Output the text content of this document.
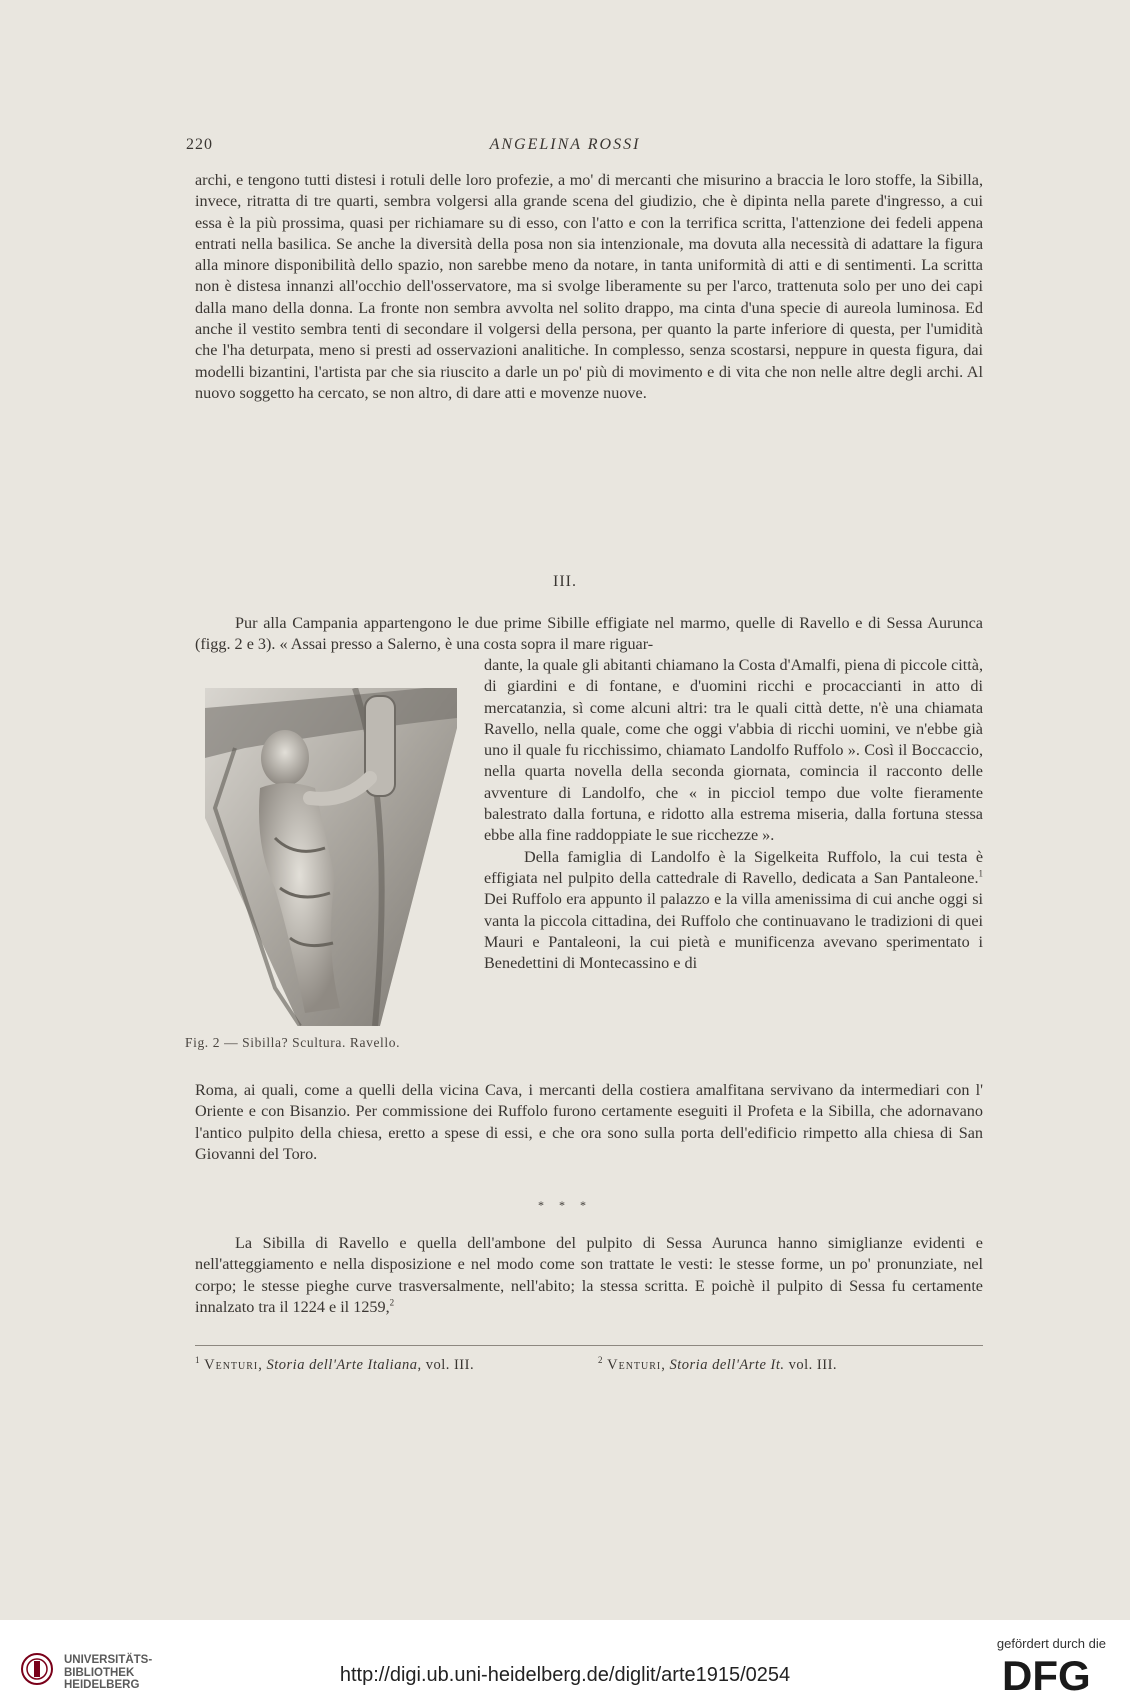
220	ANGELINA ROSSI
archi, e tengono tutti distesi i rotuli delle loro profezie, a mo' di mercanti che misurino a braccia le loro stoffe, la Sibilla, invece, ritratta di tre quarti, sembra volgersi alla grande scena del giudizio, che è dipinta nella parete d'ingresso, a cui essa è la più prossima, quasi per richiamare su di esso, con l'atto e con la terrifica scritta, l'attenzione dei fedeli appena entrati nella basilica. Se anche la diversità della posa non sia intenzionale, ma dovuta alla necessità di adattare la figura alla minore disponibilità dello spazio, non sarebbe meno da notare, in tanta uniformità di atti e di sentimenti. La scritta non è distesa innanzi all'occhio dell'osservatore, ma si svolge liberamente su per l'arco, trattenuta solo per uno dei capi dalla mano della donna. La fronte non sembra avvolta nel solito drappo, ma cinta d'una specie di aureola luminosa. Ed anche il vestito sembra tenti di secondare il volgersi della persona, per quanto la parte inferiore di questa, per l'umidità che l'ha deturpata, meno si presti ad osservazioni analitiche. In complesso, senza scostarsi, neppure in questa figura, dai modelli bizantini, l'artista par che sia riuscito a darle un po' più di movimento e di vita che non nelle altre degli archi. Al nuovo soggetto ha cercato, se non altro, di dare atti e movenze nuove.
III.
Pur alla Campania appartengono le due prime Sibille effigiate nel marmo, quelle di Ravello e di Sessa Aurunca (figg. 2 e 3). « Assai presso a Salerno, è una costa sopra il mare riguar-
Fig. 2 — Sibilla? Scultura. Ravello.
dante, la quale gli abitanti chiamano la Costa d'Amalfi, piena di piccole città, di giardini e di fontane, e d'uomini ricchi e procaccianti in atto di mercatanzia, sì come alcuni altri: tra le quali città dette, n'è una chiamata Ravello, nella quale, come che oggi v'abbia di ricchi uomini, ve n'ebbe già uno il quale fu ricchissimo, chiamato Landolfo Ruffolo ». Così il Boccaccio, nella quarta novella della seconda giornata, comincia il racconto delle avventure di Landolfo, che « in picciol tempo due volte fieramente balestrato dalla fortuna, e ridotto alla estrema miseria, dalla fortuna stessa ebbe alla fine raddoppiate le sue ricchezze ».
Della famiglia di Landolfo è la Sigelkeita Ruffolo, la cui testa è effigiata nel pulpito della cattedrale di Ravello, dedicata a San Pantaleone.$^1$ Dei Ruffolo era appunto il palazzo e la villa amenissima di cui anche oggi si vanta la piccola cittadina, dei Ruffolo che continuavano le tradizioni di quei Mauri e Pantaleoni, la cui pietà e munificenza avevano sperimentato i Benedettini di Montecassino e di
Roma, ai quali, come a quelli della vicina Cava, i mercanti della costiera amalfitana servivano da intermediari con l' Oriente e con Bisanzio. Per commissione dei Ruffolo furono certamente eseguiti il Profeta e la Sibilla, che adornavano l'antico pulpito della chiesa, eretto a spese di essi, e che ora sono sulla porta dell'edificio rimpetto alla chiesa di San Giovanni del Toro.
* * *
La Sibilla di Ravello e quella dell'ambone del pulpito di Sessa Aurunca hanno simiglianze evidenti e nell'atteggiamento e nella disposizione e nel modo come son trattate le vesti: le stesse forme, un po' pronunziate, nel corpo; le stesse pieghe curve trasversalmente, nell'abito; la stessa scritta. E poichè il pulpito di Sessa fu certamente innalzato tra il 1224 e il 1259,$^2$
$^1$ Venturi, Storia dell'Arte Italiana, vol. III.	$^2$ Venturi, Storia dell'Arte It. vol. III.
UNIVERSITÄTS-
BIBLIOTHEK
HEIDELBERG	http://digi.ub.uni-heidelberg.de/diglit/arte1915/0254
gefördert durch die
DFG
